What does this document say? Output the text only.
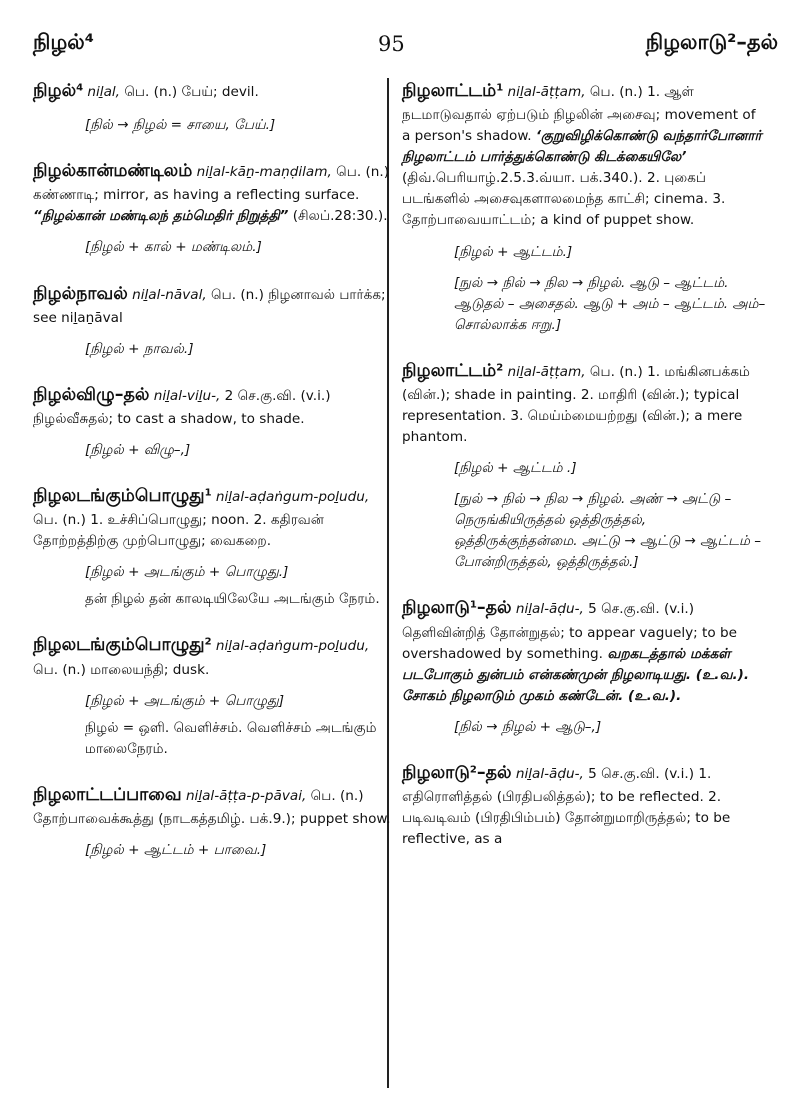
நிழல்⁴	95	நிழலாடு²–தல்
நிழல்$^4$ niḻal, பெ. (n.) பேய்; devil.
[நில் → நிழல் = சாயை, பேய்.]
நிழல்கான்மண்டிலம் niḻal-kāṉ-maṇḍilam, பெ. (n.) கண்ணாடி; mirror, as having a reflecting surface. “நிழல்கான் மண்டிலந் தம்மெதிர் நிறுத்தி” (சிலப்.28:30.).
[நிழல் + கால் + மண்டிலம்.]
நிழல்நாவல் niḻal-nāval, பெ. (n.) நிழனாவல் பார்க்க; see niḻaṉāval
[நிழல் + நாவல்.]
நிழல்விழு–தல் niḻal-viḻu-, 2 செ.கு.வி. (v.i.) நிழல்வீசுதல்; to cast a shadow, to shade.
[நிழல் + விழு–,]
நிழலடங்கும்பொழுது$^1$ niḻal-aḍaṅgum-poḻudu, பெ. (n.) 1. உச்சிப்பொழுது; noon. 2. கதிரவன் தோற்றத்திற்கு முற்பொழுது; வைகறை.
[நிழல் + அடங்கும் + பொழுது.]
தன் நிழல் தன் காலடியிலேயே அடங்கும் நேரம்.
நிழலடங்கும்பொழுது$^2$ niḻal-aḍaṅgum-poḻudu, பெ. (n.) மாலையந்தி; dusk.
[நிழல் + அடங்கும் + பொழுது]
நிழல் = ஒளி. வெளிச்சம். வெளிச்சம் அடங்கும் மாலைநேரம்.
நிழலாட்டப்பாவை niḻal-āṭṭa-p-pāvai, பெ. (n.) தோற்பாவைக்கூத்து (நாடகத்தமிழ். பக்.9.); puppet show.
[நிழல் + ஆட்டம் + பாவை.]
நிழலாட்டம்$^1$ niḻal-āṭṭam, பெ. (n.) 1. ஆள் நடமாடுவதால் ஏற்படும் நிழலின் அசைவு; movement of a person's shadow. ‘குறுவிழிக்கொண்டு வந்தார்போனார் நிழலாட்டம் பார்த்துக்கொண்டு கிடக்கையிலே’ (திவ்.பெரியாழ்.2.5.3.வ்யா. பக்.340.). 2. புகைப் படங்களில் அசைவுகளாலமைந்த காட்சி; cinema. 3. தோற்பாவையாட்டம்; a kind of puppet show.
[நிழல் + ஆட்டம்.]
[நுல் → நில் → நில → நிழல். ஆடு – ஆட்டம். ஆடுதல் – அசைதல். ஆடு + அம் – ஆட்டம். அம்– சொல்லாக்க ஈறு.]
நிழலாட்டம்$^2$ niḻal-āṭṭam, பெ. (n.) 1. மங்கினபக்கம் (வின்.); shade in painting. 2. மாதிரி (வின்.); typical representation. 3. மெய்ம்மையற்றது (வின்.); a mere phantom.
[நிழல் + ஆட்டம் .]
[நுல் → நில் → நில → நிழல். அண் → அட்டு – நெருங்கியிருத்தல் ஒத்திருத்தல், ஒத்திருக்குந்தன்மை. அட்டு → ஆட்டு → ஆட்டம் – போன்றிருத்தல், ஒத்திருத்தல்.]
நிழலாடு$^1$–தல் niḻal-āḍu-, 5 செ.கு.வி. (v.i.) தெளிவின்றித் தோன்றுதல்; to appear vaguely; to be overshadowed by something. வறகடத்தால் மக்கள் படபோகும் துன்பம் என்கண்முன் நிழலாடியது. (உ.வ.). சோகம் நிழலாடும் முகம் கண்டேன். (உ.வ.).
[நில் → நிழல் + ஆடு–,]
நிழலாடு$^2$–தல் niḻal-āḍu-, 5 செ.கு.வி. (v.i.) 1. எதிரொளித்தல் (பிரதிபலித்தல்); to be reflected. 2. படிவடிவம் (பிரதிபிம்பம்) தோன்றுமாறிருத்தல்; to be reflective, as a
